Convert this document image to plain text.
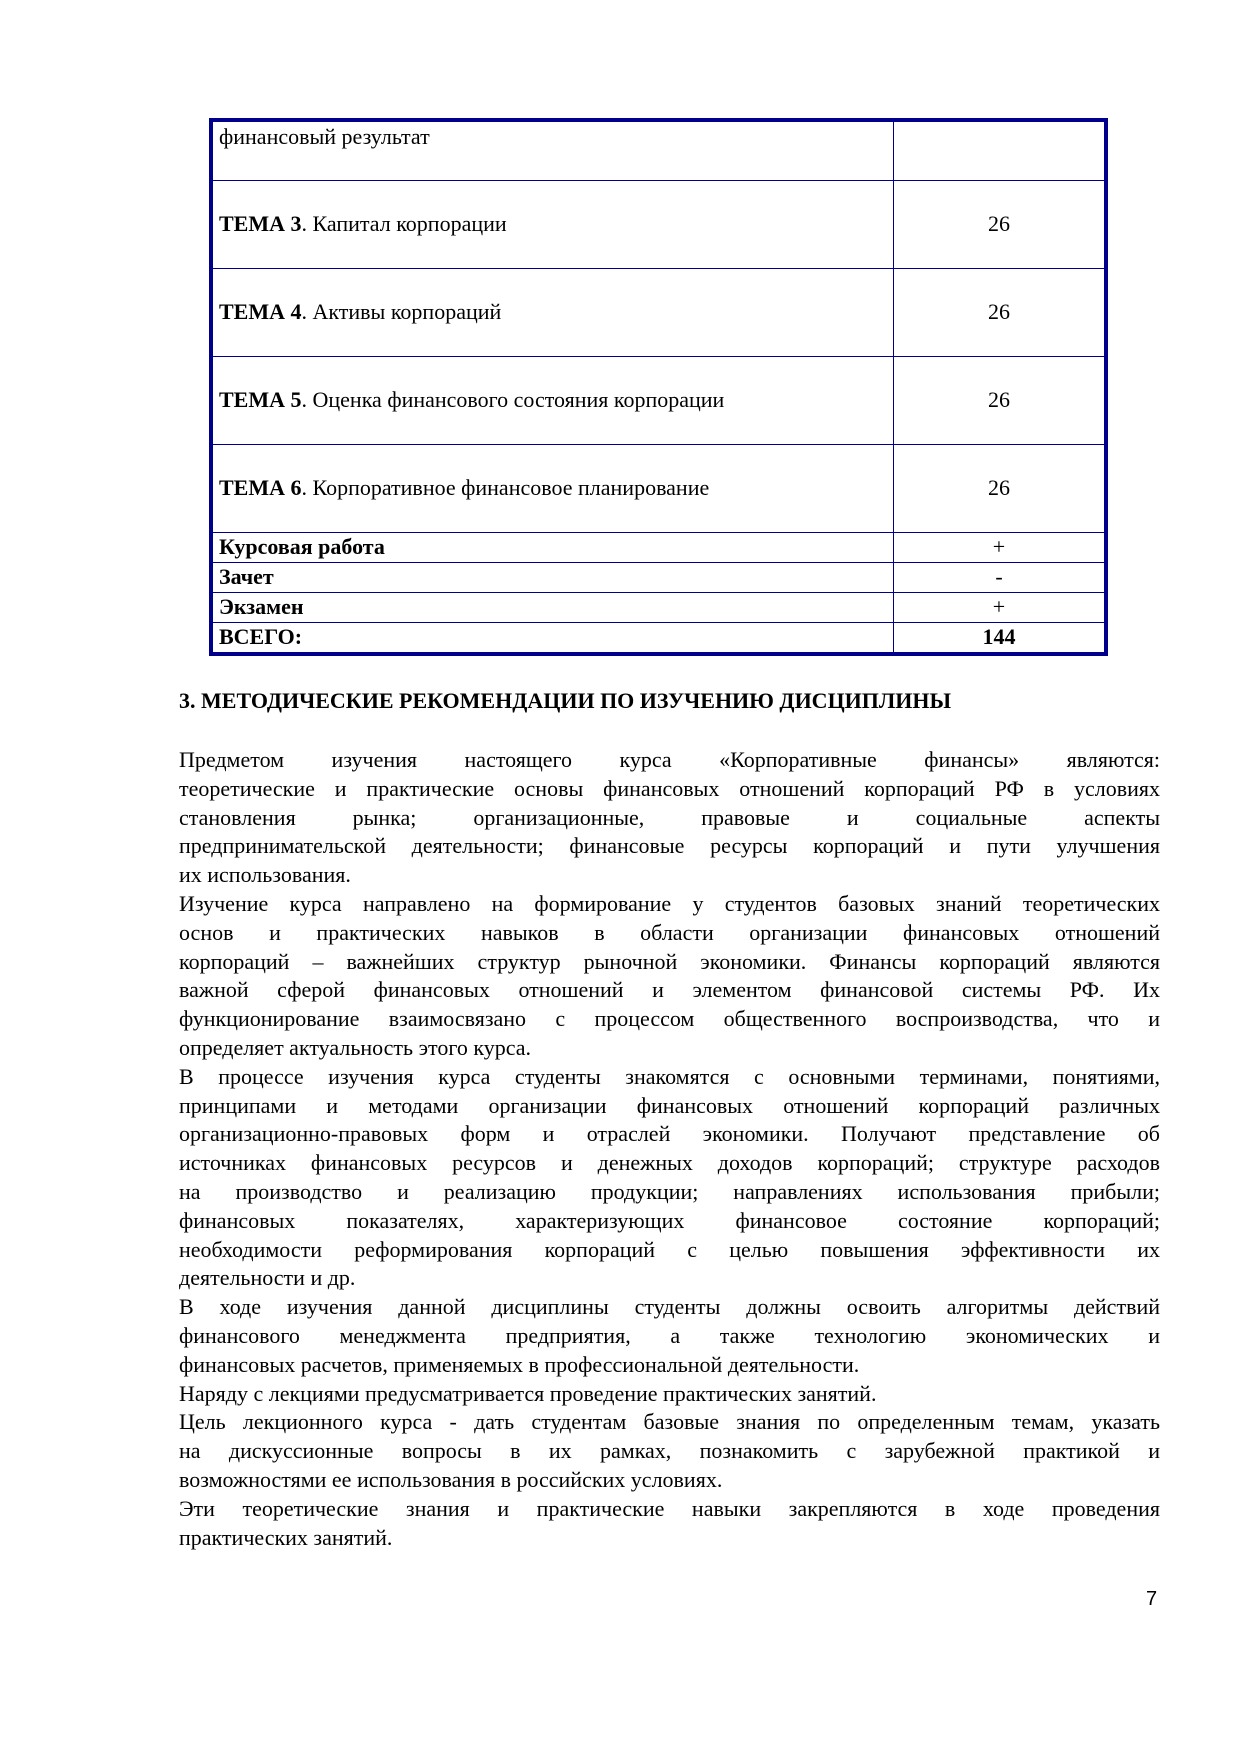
финансовый результат	
ТЕМА 3. Капитал корпорации	26
ТЕМА 4. Активы корпораций	26
ТЕМА 5. Оценка финансового состояния корпорации	26
ТЕМА 6. Корпоративное финансовое планирование	26
Курсовая работа	+
Зачет	-
Экзамен	+
ВСЕГО:	144
3. МЕТОДИЧЕСКИЕ РЕКОМЕНДАЦИИ ПО ИЗУЧЕНИЮ ДИСЦИПЛИНЫ
Предметом изучения настоящего курса «Корпоративные финансы» являются:
теоретические и практические основы финансовых отношений корпораций РФ в условиях
становления рынка; организационные, правовые и социальные аспекты
предпринимательской деятельности; финансовые ресурсы корпораций и пути улучшения
их использования.
Изучение курса направлено на формирование у студентов базовых знаний теоретических
основ и практических навыков в области организации финансовых отношений
корпораций – важнейших структур рыночной экономики. Финансы корпораций являются
важной сферой финансовых отношений и элементом финансовой системы РФ. Их
функционирование взаимосвязано с процессом общественного воспроизводства, что и
определяет актуальность этого курса.
В процессе изучения курса студенты знакомятся с основными терминами, понятиями,
принципами и методами организации финансовых отношений корпораций различных
организационно-правовых форм и отраслей экономики. Получают представление об
источниках финансовых ресурсов и денежных доходов корпораций; структуре расходов
на производство и реализацию продукции; направлениях использования прибыли;
финансовых показателях, характеризующих финансовое состояние корпораций;
необходимости реформирования корпораций с целью повышения эффективности их
деятельности и др.
В ходе изучения данной дисциплины студенты должны освоить алгоритмы действий
финансового менеджмента предприятия, а также технологию экономических и
финансовых расчетов, применяемых в профессиональной деятельности.
Наряду с лекциями предусматривается проведение практических занятий.
Цель лекционного курса - дать студентам базовые знания по определенным темам, указать
на дискуссионные вопросы в их рамках, познакомить с зарубежной практикой и
возможностями ее использования в российских условиях.
Эти теоретические знания и практические навыки закрепляются в ходе проведения
практических занятий.
7
